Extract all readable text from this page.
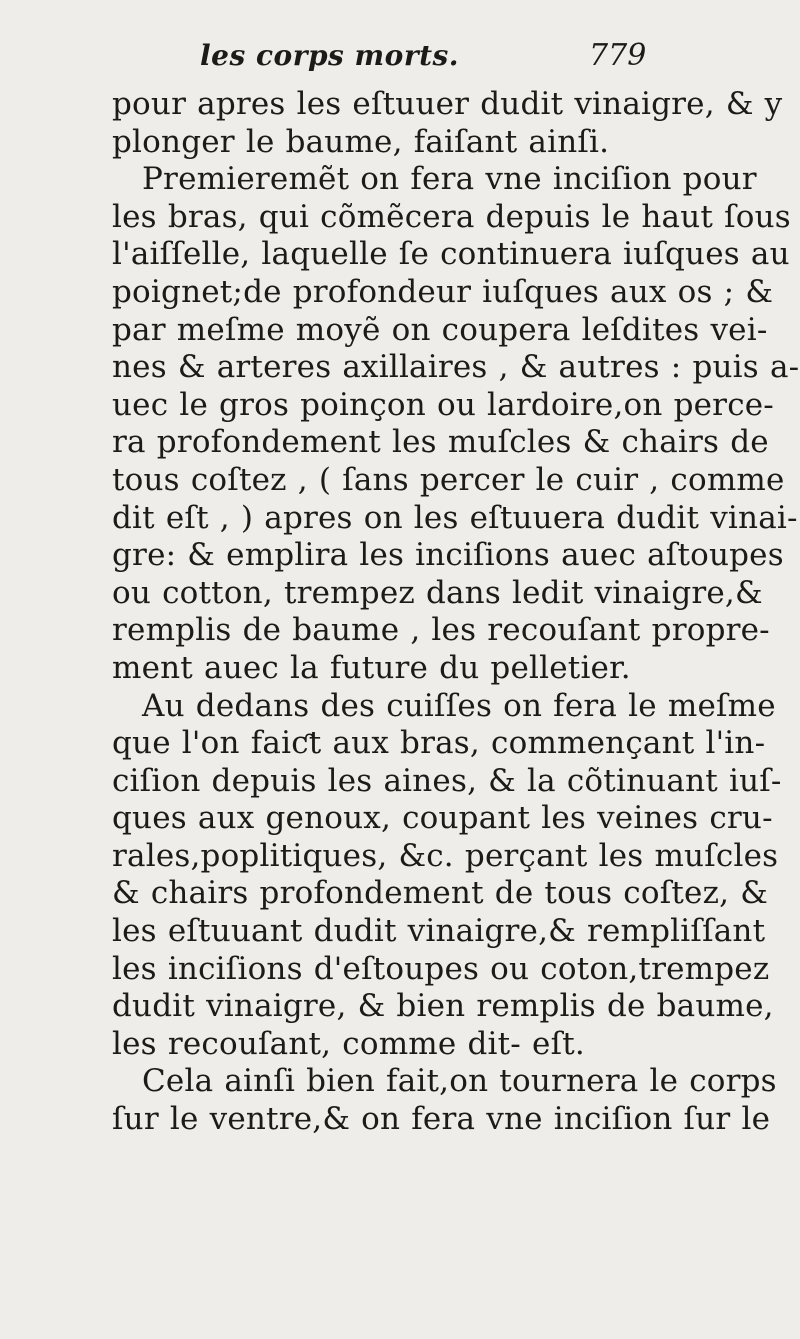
les corps morts.	779
pour apres les eſtuuer dudit vinaigre, & y
plonger le baume, faiſant ainſi.
Premieremẽt on fera vne inciſion pour
les bras, qui cõmẽcera depuis le haut ſous
l'aiſſelle, laquelle ſe continuera iuſques au
poignet;de profondeur iuſques aux os ; &
par meſme moyẽ on coupera leſdites vei-
nes & arteres axillaires , & autres : puis a-
uec le gros poinçon ou lardoire,on perce-
ra profondement les muſcles & chairs de
tous coſtez , ( ſans percer le cuir , comme
dit eſt , ) apres on les eſtuuera dudit vinai-
gre: & emplira les inciſions auec aſtoupes
ou cotton, trempez dans ledit vinaigre,&
remplis de baume , les recouſant propre-
ment auec la future du pelletier.
Au dedans des cuiſſes on fera le meſme
que l'on faiƈt aux bras, commençant l'in-
ciſion depuis les aines, & la cõtinuant iuſ-
ques aux genoux, coupant les veines cru-
rales,poplitiques, &c. perçant les muſcles
& chairs profondement de tous coſtez, &
les eſtuuant dudit vinaigre,& rempliſſant
les inciſions d'eſtoupes ou coton,trempez
dudit vinaigre, & bien remplis de baume,
les recouſant, comme dit- eſt.
Cela ainſi bien fait,on tournera le corps
ſur le ventre,& on fera vne inciſion ſur le
